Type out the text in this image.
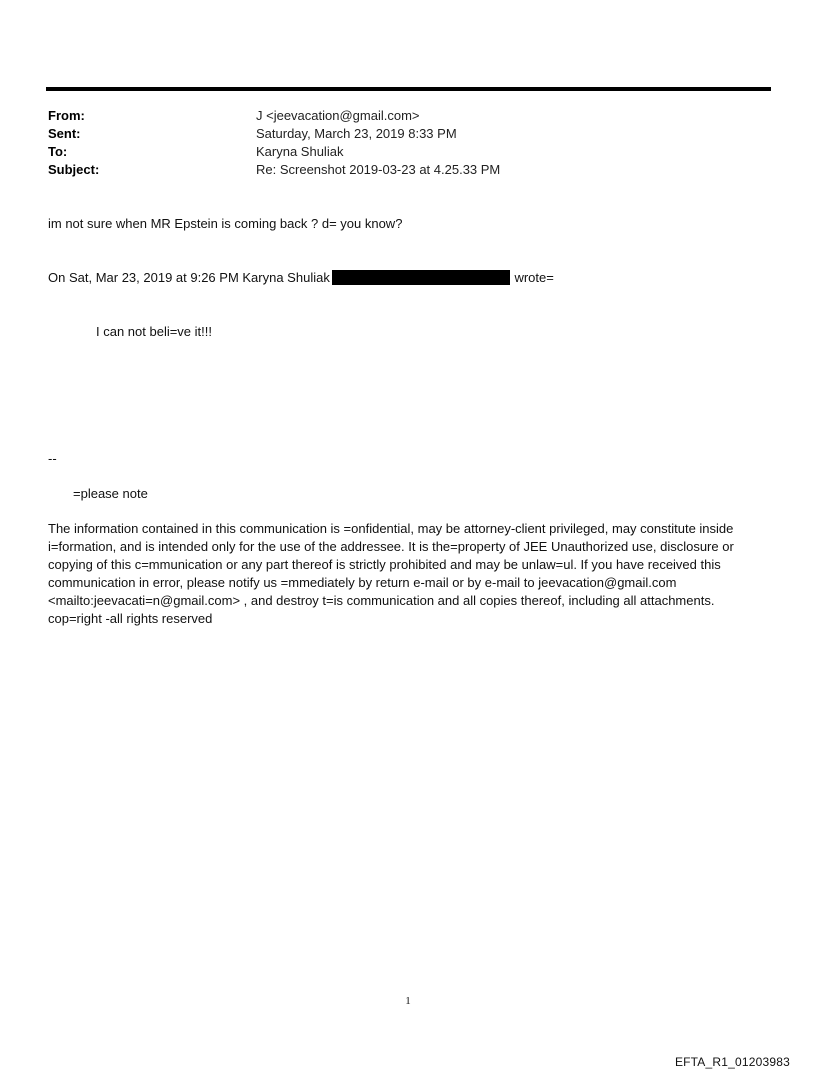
From:	J <jeevacation@gmail.com>
Sent:	Saturday, March 23, 2019 8:33 PM
To:	Karyna Shuliak
Subject:	Re: Screenshot 2019-03-23 at 4.25.33 PM
im not sure when MR Epstein is coming back ? d= you know?
On Sat, Mar 23, 2019 at 9:26 PM Karyna Shuliak	wrote=
I can not beli=ve it!!!
--
=please note
The information contained in this communication is =onfidential, may be attorney-client privileged, may constitute inside i=formation, and is intended only for the use of the addressee. It is the=property of JEE Unauthorized use, disclosure or copying of this c=mmunication or any part thereof is strictly prohibited and may be unlaw=ul. If you have received this communication in error, please notify us =mmediately by return e-mail or by e-mail to jeevacation@gmail.com <mailto:jeevacati=n@gmail.com> , and destroy t=is communication and all copies thereof, including all attachments. cop=right -all rights reserved
1
EFTA_R1_01203983
